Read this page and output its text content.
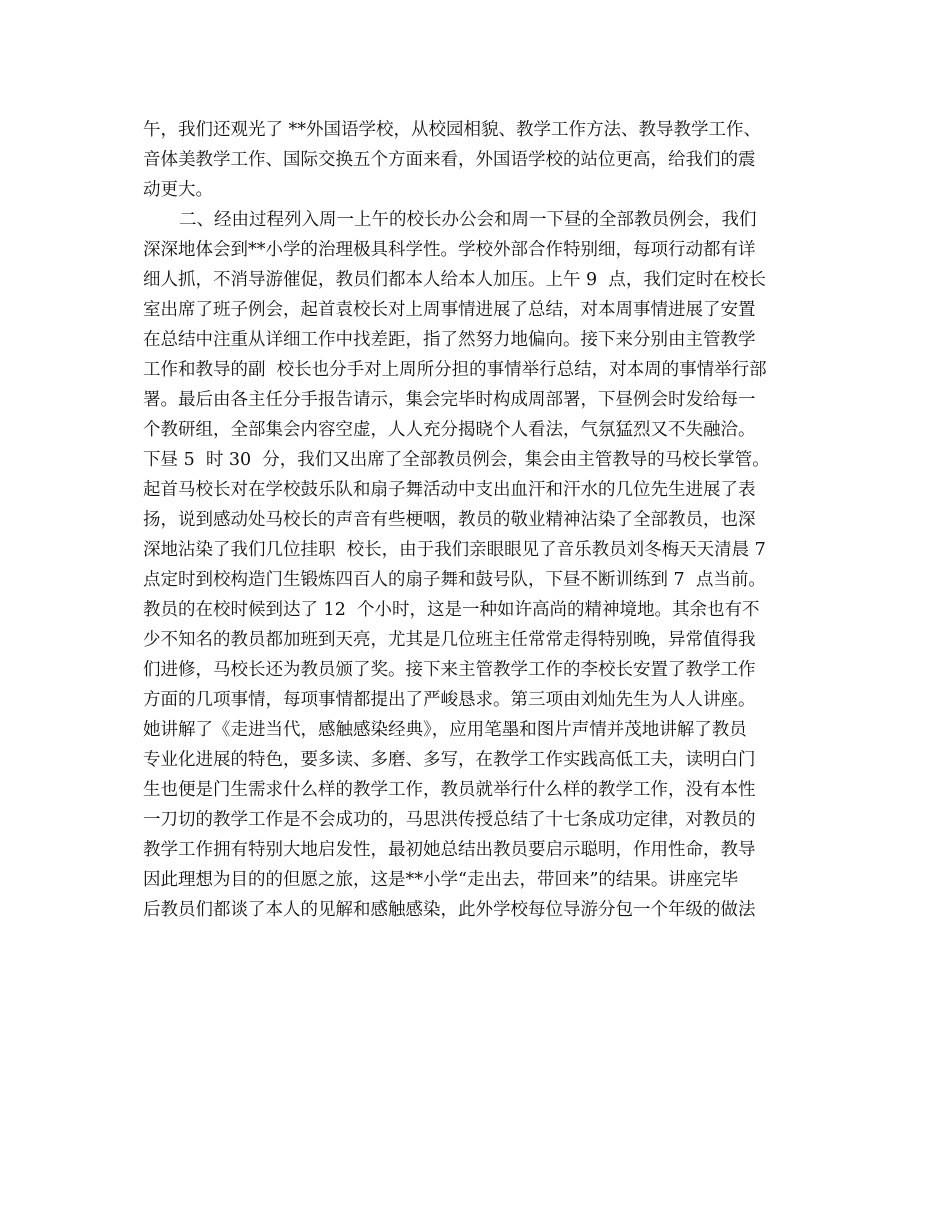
午，我们还观光了 **外国语学校，从校园相貌、教学工作方法、教导教学工作、
音体美教学工作、国际交换五个方面来看，外国语学校的站位更高，给我们的震
动更大。
二、经由过程列入周一上午的校长办公会和周一下昼的全部教员例会，我们
深深地体会到**小学的治理极具科学性。学校外部合作特别细，每项行动都有详
细人抓，不消导游催促，教员们都本人给本人加压。上午 9  点，我们定时在校长
室出席了班子例会，起首袁校长对上周事情进展了总结，对本周事情进展了安置
在总结中注重从详细工作中找差距，指了然努力地偏向。接下来分别由主管教学
工作和教导的副  校长也分手对上周所分担的事情举行总结，对本周的事情举行部
署。最后由各主任分手报告请示，集会完毕时构成周部署，下昼例会时发给每一
个教研组，全部集会内容空虚，人人充分揭晓个人看法，气氛猛烈又不失融洽。
下昼 5  时 30  分，我们又出席了全部教员例会，集会由主管教导的马校长掌管。
起首马校长对在学校鼓乐队和扇子舞活动中支出血汗和汗水的几位先生进展了表
扬，说到感动处马校长的声音有些梗咽，教员的敬业精神沾染了全部教员，也深
深地沾染了我们几位挂职  校长，由于我们亲眼眼见了音乐教员刘冬梅天天清晨 7
点定时到校构造门生锻炼四百人的扇子舞和鼓号队，下昼不断训练到 7  点当前。
教员的在校时候到达了 12  个小时，这是一种如许高尚的精神境地。其余也有不
少不知名的教员都加班到天亮，尤其是几位班主任常常走得特别晚，异常值得我
们进修，马校长还为教员颁了奖。接下来主管教学工作的李校长安置了教学工作
方面的几项事情，每项事情都提出了严峻恳求。第三项由刘灿先生为人人讲座。
她讲解了《走进当代，感触感染经典》，应用笔墨和图片声情并茂地讲解了教员
专业化进展的特色，要多读、多磨、多写，在教学工作实践高低工夫，读明白门
生也便是门生需求什么样的教学工作，教员就举行什么样的教学工作，没有本性
一刀切的教学工作是不会成功的，马思洪传授总结了十七条成功定律，对教员的
教学工作拥有特别大地启发性，最初她总结出教员要启示聪明，作用性命，教导
因此理想为目的的但愿之旅，这是**小学“走出去，带回来”的结果。讲座完毕
后教员们都谈了本人的见解和感触感染，此外学校每位导游分包一个年级的做法
